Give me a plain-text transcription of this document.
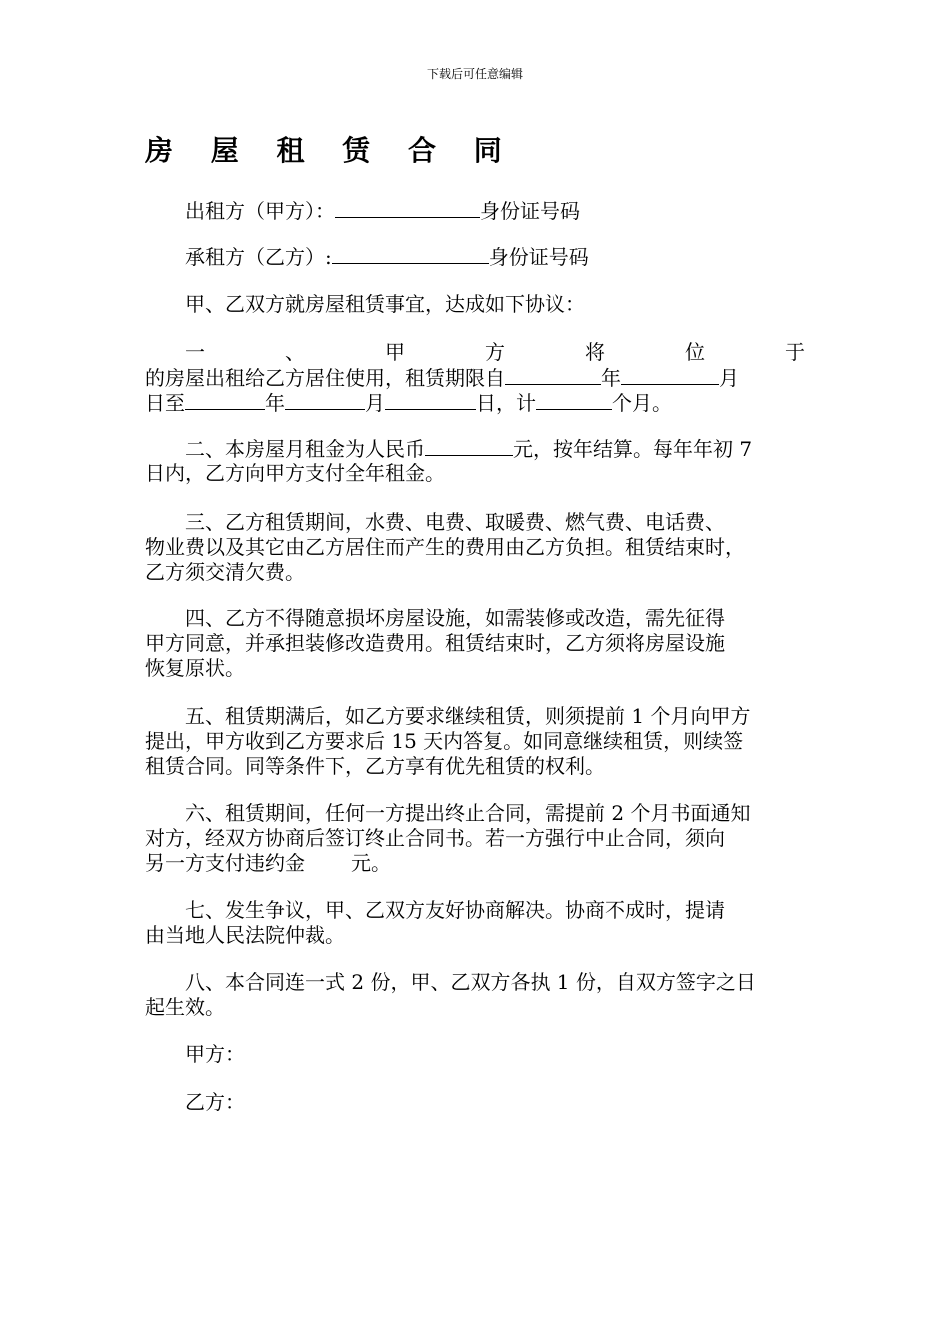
下载后可任意编辑
房 屋 租 赁 合 同
出租方（甲方）：	身份证号码
承租方（乙方）:	身份证号码
甲、乙双方就房屋租赁事宜，达成如下协议：
一	、	甲	方	将	位	于
的房屋出租给乙方居住使用，租赁期限自	年	月
日至	年	月	日，计	个月。
二、本房屋月租金为人民币	元，按年结算。每年年初 7
日内，乙方向甲方支付全年租金。
三、乙方租赁期间，水费、电费、取暖费、燃气费、电话费、
物业费以及其它由乙方居住而产生的费用由乙方负担。租赁结束时，
乙方须交清欠费。
四、乙方不得随意损坏房屋设施，如需装修或改造，需先征得
甲方同意，并承担装修改造费用。租赁结束时，乙方须将房屋设施
恢复原状。
五、租赁期满后，如乙方要求继续租赁，则须提前 1 个月向甲方
提出，甲方收到乙方要求后 15 天内答复。如同意继续租赁，则续签
租赁合同。同等条件下，乙方享有优先租赁的权利。
六、租赁期间，任何一方提出终止合同，需提前 2 个月书面通知
对方，经双方协商后签订终止合同书。若一方强行中止合同，须向
另一方支付违约金 元。
七、发生争议，甲、乙双方友好协商解决。协商不成时，提请
由当地人民法院仲裁。
八、本合同连一式 2 份，甲、乙双方各执 1 份，自双方签字之日
起生效。
甲方：
乙方：
